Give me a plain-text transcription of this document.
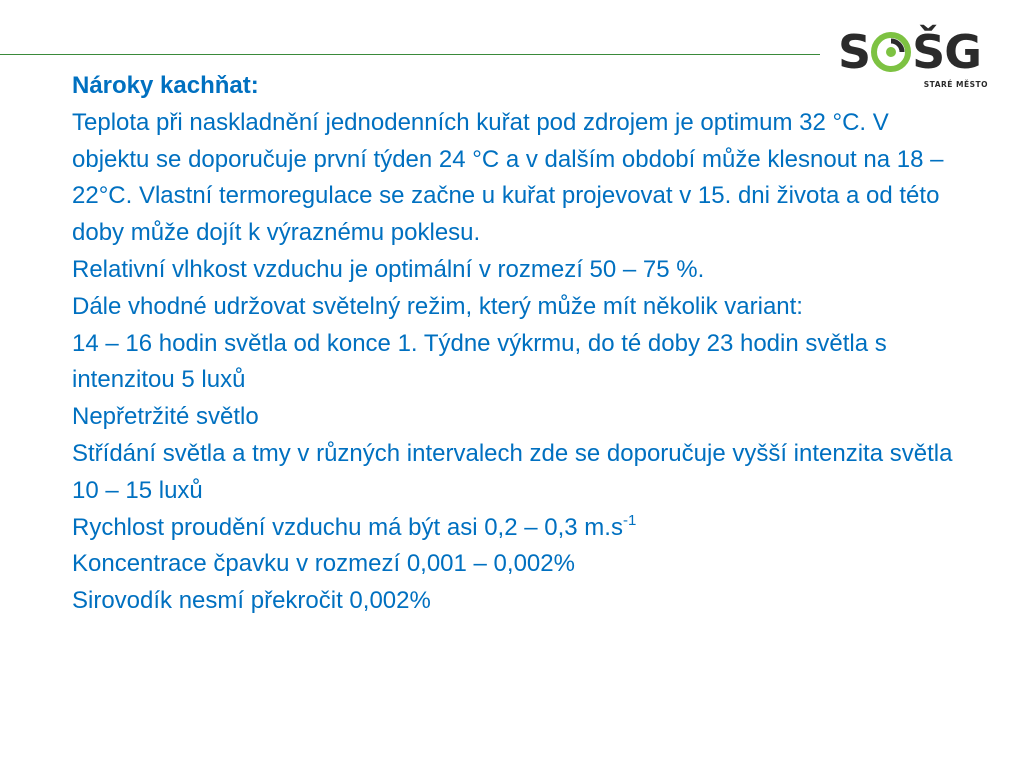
S Š G
STARÉ MĚSTO

Nároky kachňat:

Teplota při naskladnění jednodenních kuřat pod zdrojem je optimum 32 °C. V objektu se doporučuje první týden 24 °C a v dalším období může klesnout na 18 – 22°C. Vlastní termoregulace se začne u kuřat projevovat v 15. dni života a od této doby může dojít k výraznému poklesu.

Relativní vlhkost vzduchu je optimální v rozmezí 50 – 75 %.

Dále vhodné udržovat světelný režim, který může mít několik variant:

14 – 16 hodin světla od konce 1. Týdne výkrmu, do té doby 23 hodin světla s intenzitou 5 luxů

Nepřetržité světlo

Střídání světla a tmy v různých intervalech zde se doporučuje vyšší intenzita světla 10 – 15 luxů

Rychlost proudění vzduchu má být asi 0,2 – 0,3 $m.s^{-1}$

Koncentrace čpavku v rozmezí 0,001 – 0,002%

Sirovodík nesmí překročit 0,002%
